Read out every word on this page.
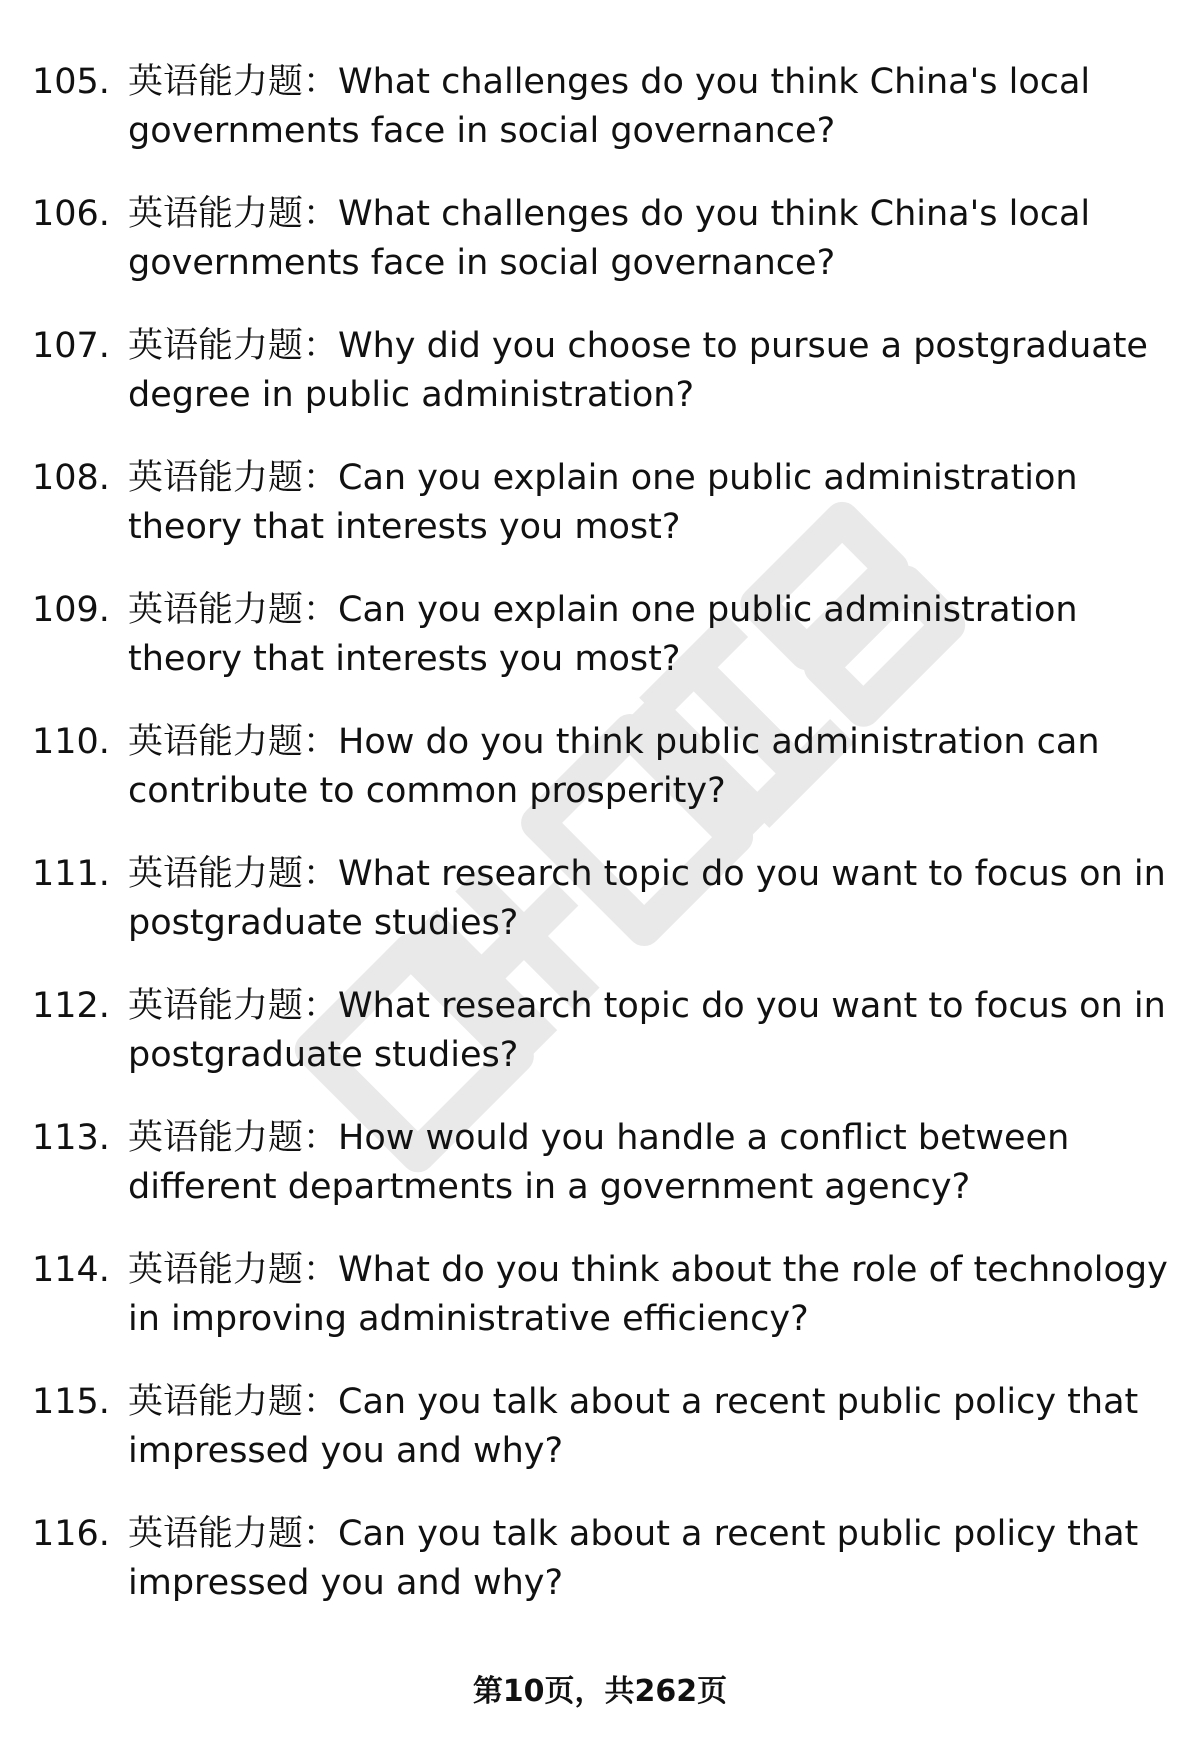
105. 英语能力题：What challenges do you think China's local governments face in social governance?
106. 英语能力题：What challenges do you think China's local governments face in social governance?
107. 英语能力题：Why did you choose to pursue a postgraduate degree in public administration?
108. 英语能力题：Can you explain one public administration theory that interests you most?
109. 英语能力题：Can you explain one public administration theory that interests you most?
110. 英语能力题：How do you think public administration can contribute to common prosperity?
111. 英语能力题：What research topic do you want to focus on in postgraduate studies?
112. 英语能力题：What research topic do you want to focus on in postgraduate studies?
113. 英语能力题：How would you handle a conflict between different departments in a government agency?
114. 英语能力题：What do you think about the role of technology in improving administrative efficiency?
115. 英语能力题：Can you talk about a recent public policy that impressed you and why?
116. 英语能力题：Can you talk about a recent public policy that impressed you and why?
第10页，共262页
